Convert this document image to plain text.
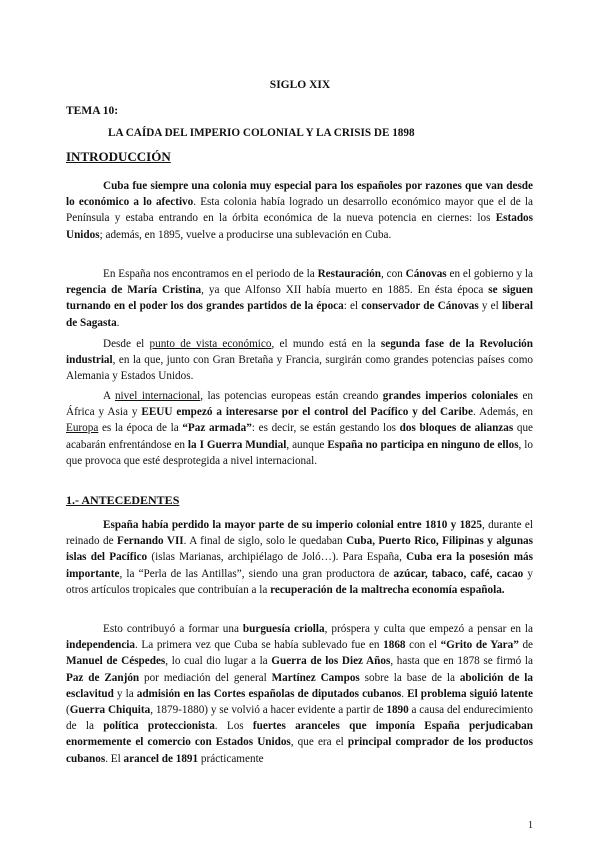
SIGLO XIX
TEMA 10:
LA CAÍDA DEL IMPERIO COLONIAL Y LA CRISIS DE 1898
INTRODUCCIÓN

Cuba fue siempre una colonia muy especial para los españoles por razones que van desde lo económico a lo afectivo. Esta colonia había logrado un desarrollo económico mayor que el de la Península y estaba entrando en la órbita económica de la nueva potencia en ciernes: los Estados Unidos; además, en 1895, vuelve a producirse una sublevación en Cuba.

En España nos encontramos en el periodo de la Restauración, con Cánovas en el gobierno y la regencia de María Cristina, ya que Alfonso XII había muerto en 1885. En ésta época se siguen turnando en el poder los dos grandes partidos de la época: el conservador de Cánovas y el liberal de Sagasta.

Desde el punto de vista económico, el mundo está en la segunda fase de la Revolución industrial, en la que, junto con Gran Bretaña y Francia, surgirán como grandes potencias países como Alemania y Estados Unidos.

A nivel internacional, las potencias europeas están creando grandes imperios coloniales en África y Asia y EEUU empezó a interesarse por el control del Pacífico y del Caribe. Además, en Europa es la época de la “Paz armada”: es decir, se están gestando los dos bloques de alianzas que acabarán enfrentándose en la I Guerra Mundial, aunque España no participa en ninguno de ellos, lo que provoca que esté desprotegida a nivel internacional.

1.- ANTECEDENTES

España había perdido la mayor parte de su imperio colonial entre 1810 y 1825, durante el reinado de Fernando VII. A final de siglo, solo le quedaban Cuba, Puerto Rico, Filipinas y algunas islas del Pacífico (islas Marianas, archipiélago de Joló…). Para España, Cuba era la posesión más importante, la “Perla de las Antillas”, siendo una gran productora de azúcar, tabaco, café, cacao y otros artículos tropicales que contribuían a la recuperación de la maltrecha economía española.

Esto contribuyó a formar una burguesía criolla, próspera y culta que empezó a pensar en la independencia. La primera vez que Cuba se había sublevado fue en 1868 con el “Grito de Yara” de Manuel de Céspedes, lo cual dio lugar a la Guerra de los Diez Años, hasta que en 1878 se firmó la Paz de Zanjón por mediación del general Martínez Campos sobre la base de la abolición de la esclavitud y la admisión en las Cortes españolas de diputados cubanos. El problema siguió latente (Guerra Chiquita, 1879-1880) y se volvió a hacer evidente a partir de 1890 a causa del endurecimiento de la política proteccionista. Los fuertes aranceles que imponía España perjudicaban enormemente el comercio con Estados Unidos, que era el principal comprador de los productos cubanos. El arancel de 1891 prácticamente

1
